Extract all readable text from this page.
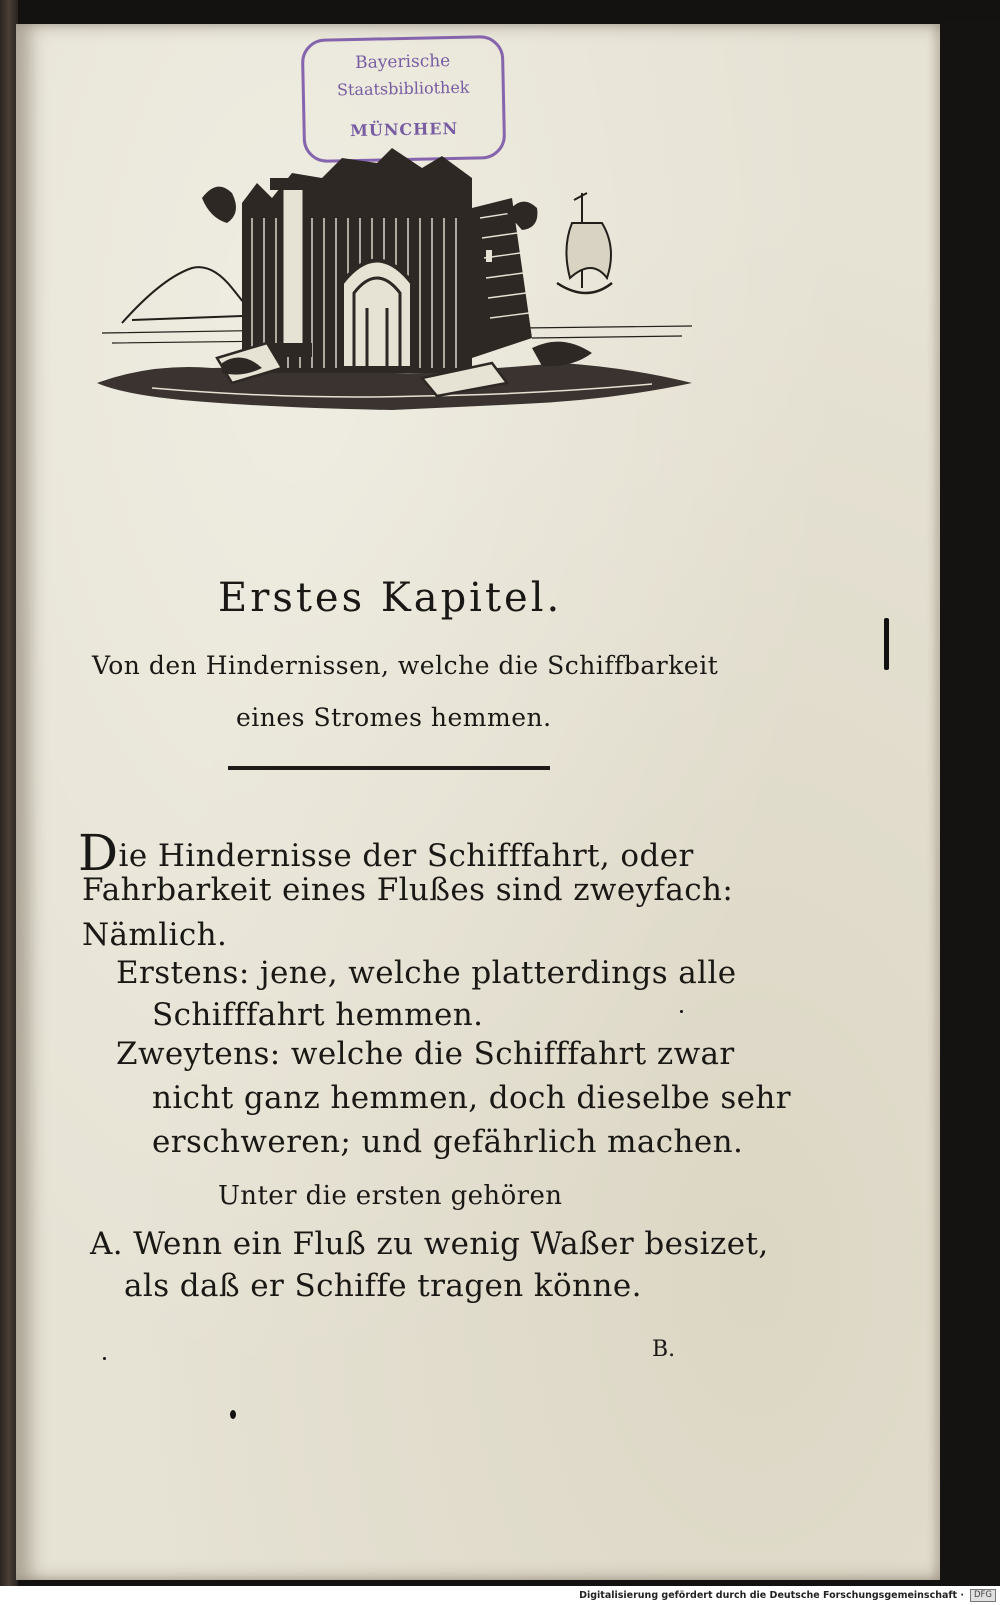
Bayerische
Staatsbibliothek
MÜNCHEN
Erstes Kapitel.
Von den Hindernissen, welche die Schiffbarkeit
eines Stromes hemmen.
Die Hindernisse der Schifffahrt, oder
Fahrbarkeit eines Flußes sind zweyfach:
Nämlich.
Erstens: jene, welche platterdings alle
Schifffahrt hemmen.
Zweytens: welche die Schifffahrt zwar
nicht ganz hemmen, doch dieselbe sehr
erschweren; und gefährlich machen.
Unter die ersten gehören
A. Wenn ein Fluß zu wenig Waßer besizet,
als daß er Schiffe tragen könne.
B.
Digitalisierung gefördert durch die Deutsche Forschungsgemeinschaft ·	DFG
